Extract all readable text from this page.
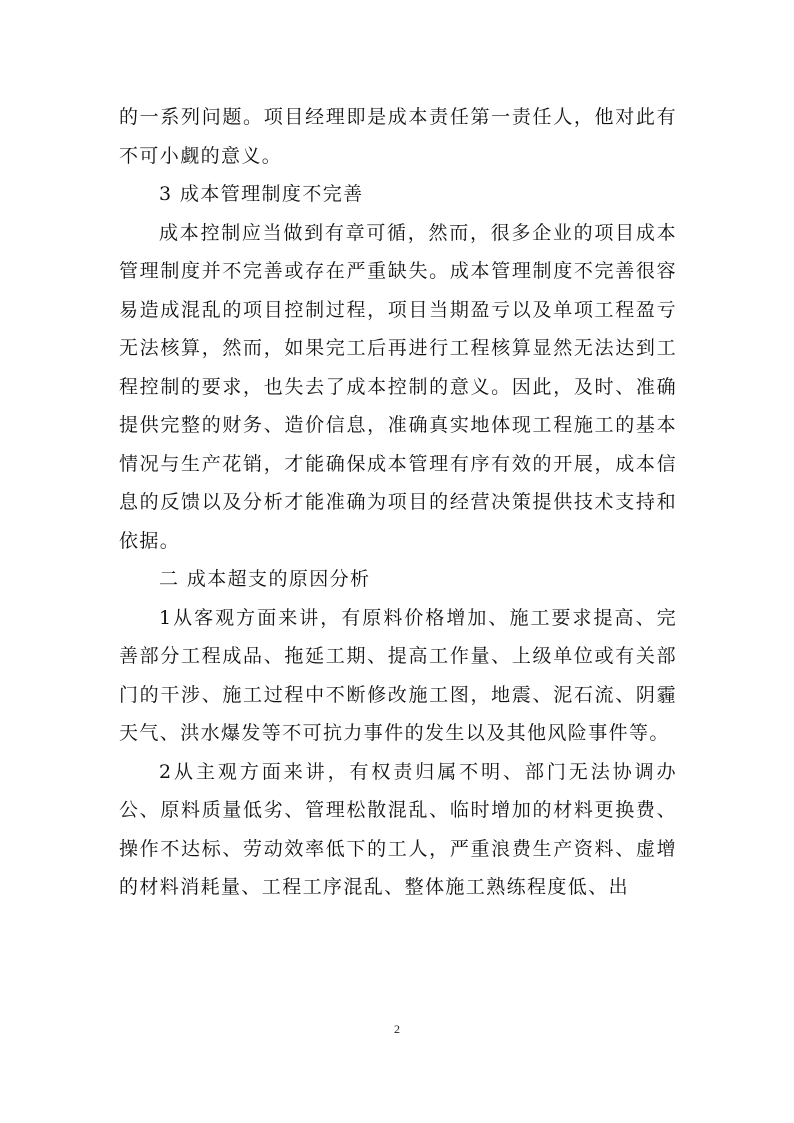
的一系列问题。项目经理即是成本责任第一责任人，他对此有不可小觑的意义。

3 成本管理制度不完善

成本控制应当做到有章可循，然而，很多企业的项目成本管理制度并不完善或存在严重缺失。成本管理制度不完善很容易造成混乱的项目控制过程，项目当期盈亏以及单项工程盈亏无法核算，然而，如果完工后再进行工程核算显然无法达到工程控制的要求，也失去了成本控制的意义。因此，及时、准确提供完整的财务、造价信息，准确真实地体现工程施工的基本情况与生产花销，才能确保成本管理有序有效的开展，成本信息的反馈以及分析才能准确为项目的经营决策提供技术支持和依据。

二 成本超支的原因分析

1从客观方面来讲，有原料价格增加、施工要求提高、完善部分工程成品、拖延工期、提高工作量、上级单位或有关部门的干涉、施工过程中不断修改施工图，地震、泥石流、阴霾天气、洪水爆发等不可抗力事件的发生以及其他风险事件等。

2从主观方面来讲，有权责归属不明、部门无法协调办公、原料质量低劣、管理松散混乱、临时增加的材料更换费、操作不达标、劳动效率低下的工人，严重浪费生产资料、虚增的材料消耗量、工程工序混乱、整体施工熟练程度低、出

2
